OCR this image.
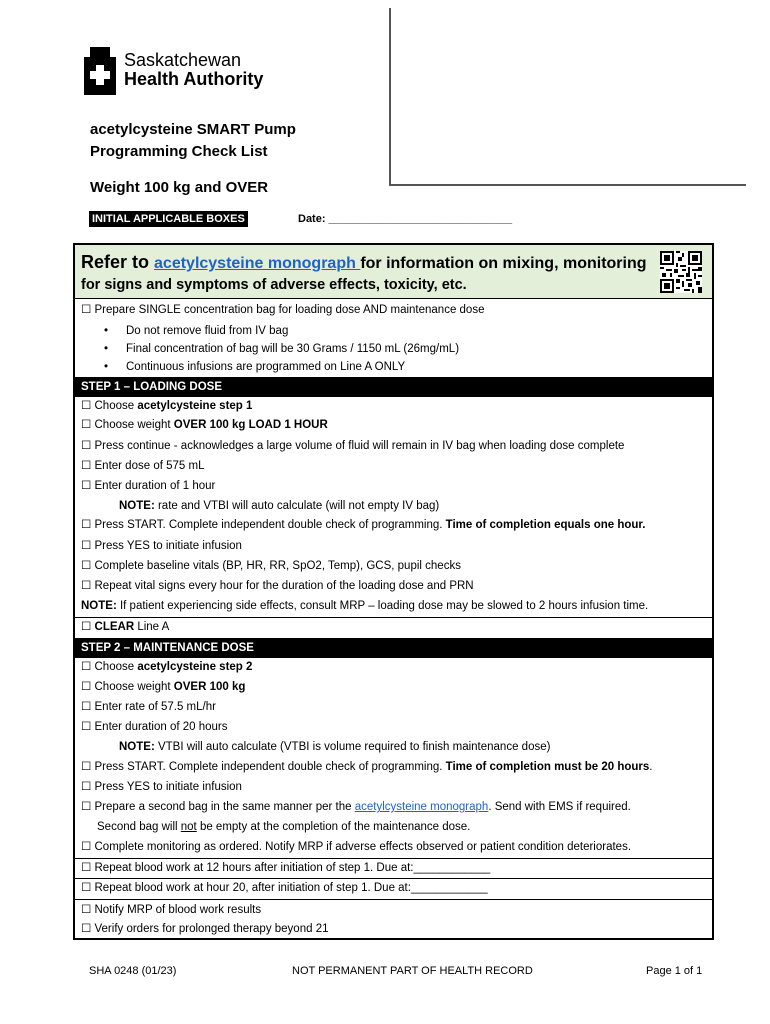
Saskatchewan
Health Authority
acetylcysteine SMART Pump
Programming Check List
Weight 100 kg and OVER
INITIAL APPLICABLE BOXES	Date: ______________________________
Refer to acetylcysteine monograph for information on mixing, monitoring
for signs and symptoms of adverse effects, toxicity, etc.
☐ Prepare SINGLE concentration bag for loading dose AND maintenance dose
• Do not remove fluid from IV bag
• Final concentration of bag will be 30 Grams / 1150 mL (26mg/mL)
• Continuous infusions are programmed on Line A ONLY
STEP 1 – LOADING DOSE
☐ Choose acetylcysteine step 1
☐ Choose weight OVER 100 kg LOAD 1 HOUR
☐ Press continue - acknowledges a large volume of fluid will remain in IV bag when loading dose complete
☐ Enter dose of 575 mL
☐ Enter duration of 1 hour
NOTE: rate and VTBI will auto calculate (will not empty IV bag)
☐ Press START. Complete independent double check of programming. Time of completion equals one hour.
☐ Press YES to initiate infusion
☐ Complete baseline vitals (BP, HR, RR, SpO2, Temp), GCS, pupil checks
☐ Repeat vital signs every hour for the duration of the loading dose and PRN
NOTE: If patient experiencing side effects, consult MRP – loading dose may be slowed to 2 hours infusion time.
☐ CLEAR Line A
STEP 2 – MAINTENANCE DOSE
☐ Choose acetylcysteine step 2
☐ Choose weight OVER 100 kg
☐ Enter rate of 57.5 mL/hr
☐ Enter duration of 20 hours
NOTE: VTBI will auto calculate (VTBI is volume required to finish maintenance dose)
☐ Press START. Complete independent double check of programming. Time of completion must be 20 hours.
☐ Press YES to initiate infusion
☐ Prepare a second bag in the same manner per the acetylcysteine monograph. Send with EMS if required.
Second bag will not be empty at the completion of the maintenance dose.
☐ Complete monitoring as ordered. Notify MRP if adverse effects observed or patient condition deteriorates.
☐ Repeat blood work at 12 hours after initiation of step 1. Due at:____________
☐ Repeat blood work at hour 20, after initiation of step 1. Due at:____________
☐ Notify MRP of blood work results
☐ Verify orders for prolonged therapy beyond 21
SHA 0248 (01/23)	NOT PERMANENT PART OF HEALTH RECORD	Page 1 of 1
